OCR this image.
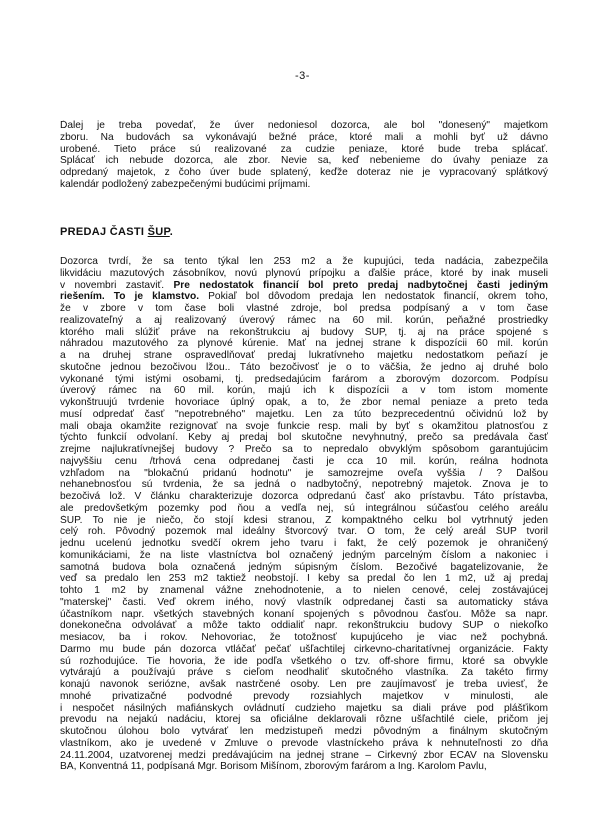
-3-
Ďalej je treba povedať, že úver nedoniesol dozorca, ale bol "donesený" majetkom
zboru. Na budovách sa vykonávajú bežné práce, ktoré mali a mohli byť už dávno
urobené. Tieto práce sú realizované za cudzie peniaze, ktoré bude treba splácať.
Splácať ich nebude dozorca, ale zbor. Nevie sa, keď nebenieme do úvahy peniaze za
odpredaný majetok, z čoho úver bude splatený, keďže doteraz nie je vypracovaný splátkový
kalendár podložený zabezpečenými budúcimi príjmami.
PREDAJ ČASTI ŠUP.
Dozorca tvrdí, že sa tento týkal len 253 m2 a že kupujúci, teda nadácia, zabezpečila
likvidáciu mazutových zásobníkov, novú plynovú prípojku a ďalšie práce, ktoré by inak museli
v novembri zastaviť. Pre nedostatok financií bol preto predaj nadbytočnej časti jediným
riešením. To je klamstvo. Pokiaľ bol dôvodom predaja len nedostatok financií, okrem toho,
že v zbore v tom čase boli vlastné zdroje, bol predsa podpísaný a v tom čase
realizovateľný a aj realizovaný úverový rámec na 60 mil. korún, peňažné prostriedky
ktorého mali slúžiť práve na rekonštrukciu aj budovy ŠUP, tj. aj na práce spojené s
náhradou mazutového za plynové kúrenie. Mať na jednej strane k dispozícii 60 mil. korún
a na druhej strane ospravedlňovať predaj lukratívneho majetku nedostatkom peňazí je
skutočne jednou bezočivou lžou.. Táto bezočivosť je o to väčšia, že jedno aj druhé bolo
vykonané tými istými osobami, tj. predsedajúcim farárom a zborovým dozorcom. Podpísu
úverový rámec na 60 mil. korún, majú ich k dispozícii a v tom istom momente
vykonštruujú tvrdenie hovoriace úplný opak, a to, že zbor nemal peniaze a preto teda
musí odpredať časť "nepotrebného" majetku. Len za túto bezprecedentnú očividnú lož by
mali obaja okamžite rezignovať na svoje funkcie resp. mali by byť s okamžitou platnosťou z
týchto funkcií odvolaní. Keby aj predaj bol skutočne nevyhnutný, prečo sa predávala časť
zrejme najlukratívnejšej budovy ? Prečo sa to nepredalo obvyklým spôsobom garantujúcim
najvyššiu cenu /trhová cena odpredanej časti je cca 10 mil. korún, reálna hodnota
vzhľadom na "blokačnú pridanú hodnotu" je samozrejme oveľa vyššia / ? Ďalšou
nehanebnosťou sú tvrdenia, že sa jedná o nadbytočný, nepotrebný majetok. Znova je to
bezočivá lož. V článku charakterizuje dozorca odpredanú časť ako prístavbu. Táto prístavba,
ale predovšetkým pozemky pod ňou a vedľa nej, sú integrálnou súčasťou celého areálu
ŠUP. To nie je niečo, čo stojí kdesi stranou, Z kompaktného celku bol vytrhnutý jeden
celý roh. Pôvodný pozemok mal ideálny štvorcový tvar. O tom, že celý areál ŠUP tvoril
jednu ucelenú jednotku svedčí okrem jeho tvaru i fakt, že celý pozemok je ohraničený
komunikáciami, že na liste vlastníctva bol označený jedným parcelným číslom a nakoniec i
samotná budova bola označená jedným súpisným číslom. Bezočivé bagatelizovanie, že
veď sa predalo len 253 m2 taktiež neobstojí. I keby sa predal čo len 1 m2, už aj predaj
tohto 1 m2 by znamenal vážne znehodnotenie, a to nielen cenové, celej zostávajúcej
"materskej" časti. Veď okrem iného, nový vlastník odpredanej časti sa automaticky stáva
účastníkom napr. všetkých stavebných konaní spojených s pôvodnou časťou. Môže sa napr.
donekonečna odvolávať a môže takto oddialiť napr. rekonštrukciu budovy ŠUP o niekoľko
mesiacov, ba i rokov. Nehovoriac, že totožnosť kupujúceho je viac než pochybná.
Darmo mu bude pán dozorca vtláčať pečať ušľachtilej cirkevno-charitatívnej organizácie. Fakty
sú rozhodujúce. Tie hovoria, že ide podľa všetkého o tzv. off-shore firmu, ktoré sa obvykle
vytvárajú a používajú práve s cieľom neodhaliť skutočného vlastníka. Za takéto firmy
konajú navonok seriózne, avšak nastrčené osoby. Len pre zaujímavosť je treba uviesť, že
mnohé privatizačné podvodné prevody rozsiahlych majetkov v minulosti, ale
i nespočet násilných mafiánskych ovládnutí cudzieho majetku sa diali práve pod plášťikom
prevodu na nejakú nadáciu, ktorej sa oficiálne deklarovali rôzne ušľachtilé ciele, pričom jej
skutočnou úlohou bolo vytvárať len medzistupeň medzi pôvodným a finálnym skutočným
vlastníkom, ako je uvedené v Zmluve o prevode vlastníckeho práva k nehnuteľnosti zo dňa
24.11.2004, uzatvorenej medzi predávajúcim na jednej strane – Cirkevný zbor ECAV na Slovensku
BA, Konventná 11, podpísaná Mgr. Borisom Mišínom, zborovým farárom a Ing. Karolom Pavlu,
